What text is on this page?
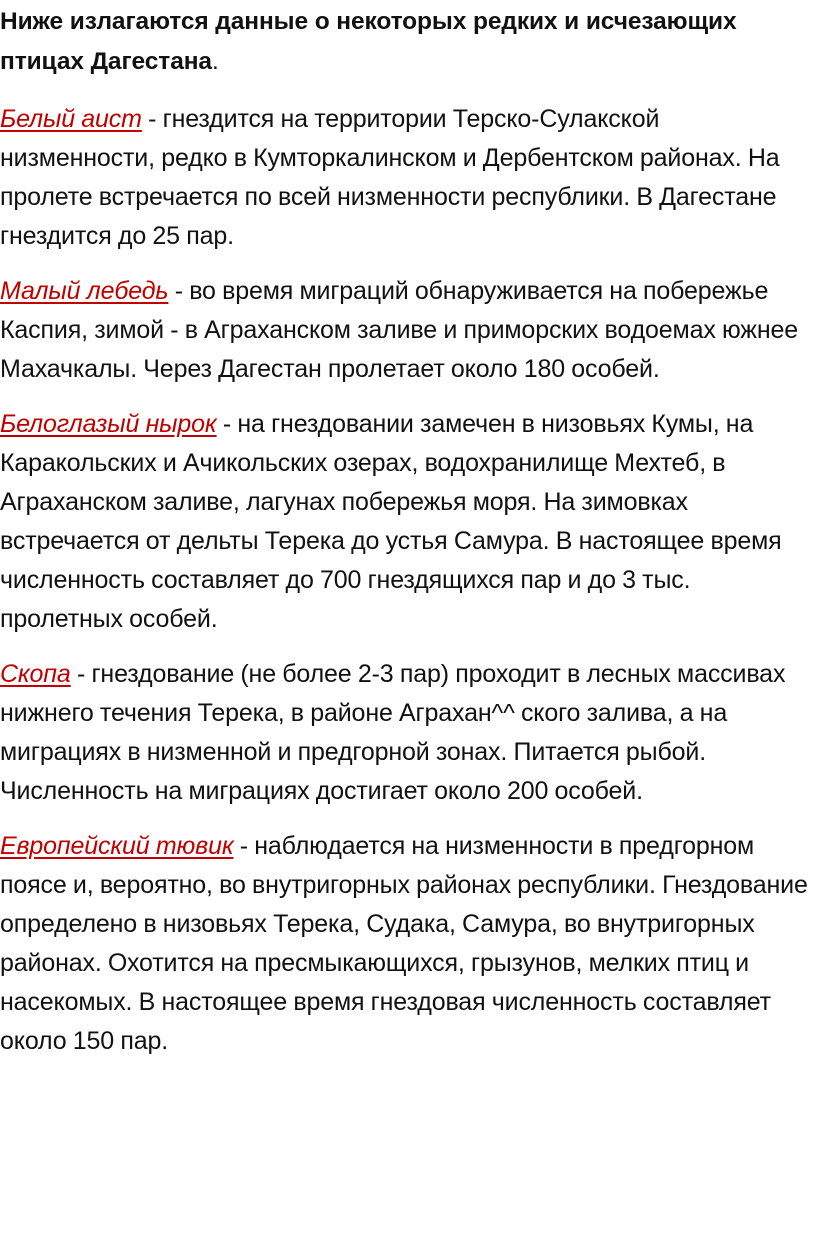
Ниже излагаются данные о некоторых редких и исчезающих птицах Дагестана.

Белый аист - гнездится на территории Терско-Сулакской низменности, редко в Кумторкалинском и Дербентском районах. На пролете встречается по всей низменности республики. В Дагестане гнездится до 25 пар.

Малый лебедь - во время миграций обнаруживается на побережье Каспия, зимой - в Аграханском заливе и приморских водоемах южнее Махачкалы. Через Дагестан пролетает около 180 особей.

Белоглазый нырок - на гнездовании замечен в низовьях Кумы, на Каракольских и Ачикольских озерах, водохранилище Мехтеб, в Аграханском заливе, лагунах побережья моря. На зимовках встречается от дельты Терека до устья Самура. В настоящее время численность составляет до 700 гнездящихся пар и до 3 тыс. пролетных особей.

Скопа - гнездование (не более 2-3 пар) проходит в лесных массивах нижнего течения Терека, в районе Аграхан^^ ского залива, а на миграциях в низменной и предгорной зонах. Питается рыбой. Численность на миграциях достигает около 200 особей.

Европейский тювик - наблюдается на низменности в предгорном поясе и, вероятно, во внутригорных районах республики. Гнездование определено в низовьях Терека, Судака, Самура, во внутригорных районах. Охотится на пресмыкающихся, грызунов, мелких птиц и насекомых. В настоящее время гнездовая численность составляет около 150 пар.
